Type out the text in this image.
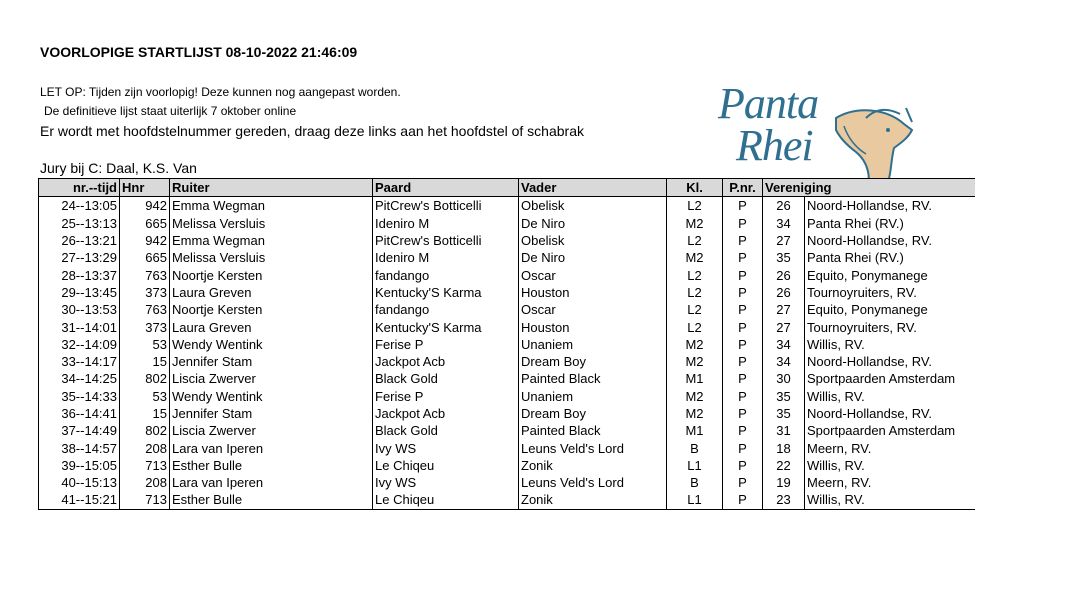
VOORLOPIGE STARTLIJST 08-10-2022 21:46:09
LET OP: Tijden zijn voorlopig! Deze kunnen nog aangepast worden.
De definitieve lijst staat uiterlijk 7 oktober online
Er wordt met hoofdstelnummer gereden, draag deze links aan het hoofdstel of schabrak
Jury bij C: Daal, K.S. Van
Panta
Rhei
nr.--tijd	Hnr	Ruiter	Paard	Vader	Kl.	P.nr.	Vereniging	
24--13:05	942	Emma Wegman	PitCrew's Botticelli	Obelisk	L2	P	26	Noord-Hollandse, RV.
25--13:13	665	Melissa Versluis	Ideniro M	De Niro	M2	P	34	Panta Rhei (RV.)
26--13:21	942	Emma Wegman	PitCrew's Botticelli	Obelisk	L2	P	27	Noord-Hollandse, RV.
27--13:29	665	Melissa Versluis	Ideniro M	De Niro	M2	P	35	Panta Rhei (RV.)
28--13:37	763	Noortje Kersten	fandango	Oscar	L2	P	26	Equito, Ponymanege
29--13:45	373	Laura Greven	Kentucky'S Karma	Houston	L2	P	26	Tournoyruiters, RV.
30--13:53	763	Noortje Kersten	fandango	Oscar	L2	P	27	Equito, Ponymanege
31--14:01	373	Laura Greven	Kentucky'S Karma	Houston	L2	P	27	Tournoyruiters, RV.
32--14:09	53	Wendy Wentink	Ferise P	Unaniem	M2	P	34	Willis, RV.
33--14:17	15	Jennifer Stam	Jackpot Acb	Dream Boy	M2	P	34	Noord-Hollandse, RV.
34--14:25	802	Liscia Zwerver	Black Gold	Painted Black	M1	P	30	Sportpaarden Amsterdam
35--14:33	53	Wendy Wentink	Ferise P	Unaniem	M2	P	35	Willis, RV.
36--14:41	15	Jennifer Stam	Jackpot Acb	Dream Boy	M2	P	35	Noord-Hollandse, RV.
37--14:49	802	Liscia Zwerver	Black Gold	Painted Black	M1	P	31	Sportpaarden Amsterdam
38--14:57	208	Lara van Iperen	Ivy WS	Leuns Veld's Lord	B	P	18	Meern, RV.
39--15:05	713	Esther Bulle	Le Chiqeu	Zonik	L1	P	22	Willis, RV.
40--15:13	208	Lara van Iperen	Ivy WS	Leuns Veld's Lord	B	P	19	Meern, RV.
41--15:21	713	Esther Bulle	Le Chiqeu	Zonik	L1	P	23	Willis, RV.
